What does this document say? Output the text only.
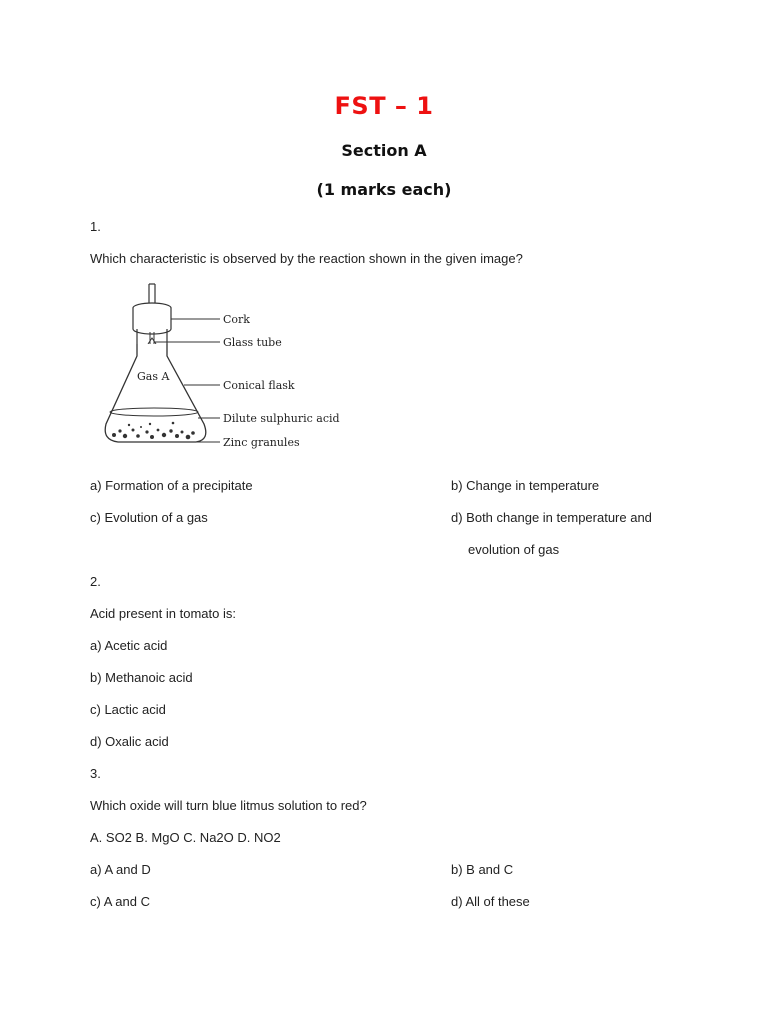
FST – 1
Section A
(1 marks each)
1.
Which characteristic is observed by the reaction shown in the given image?
Cork
Glass tube
Gas A
Conical flask
Dilute sulphuric acid
Zinc granules
a) Formation of a precipitate	b) Change in temperature
c) Evolution of a gas	d) Both change in temperature and
evolution of gas
2.
Acid present in tomato is:
a) Acetic acid
b) Methanoic acid
c) Lactic acid
d) Oxalic acid
3.
Which oxide will turn blue litmus solution to red?
A. SO2 B. MgO C. Na2O D. NO2
a) A and D	b) B and C
c) A and C	d) All of these
